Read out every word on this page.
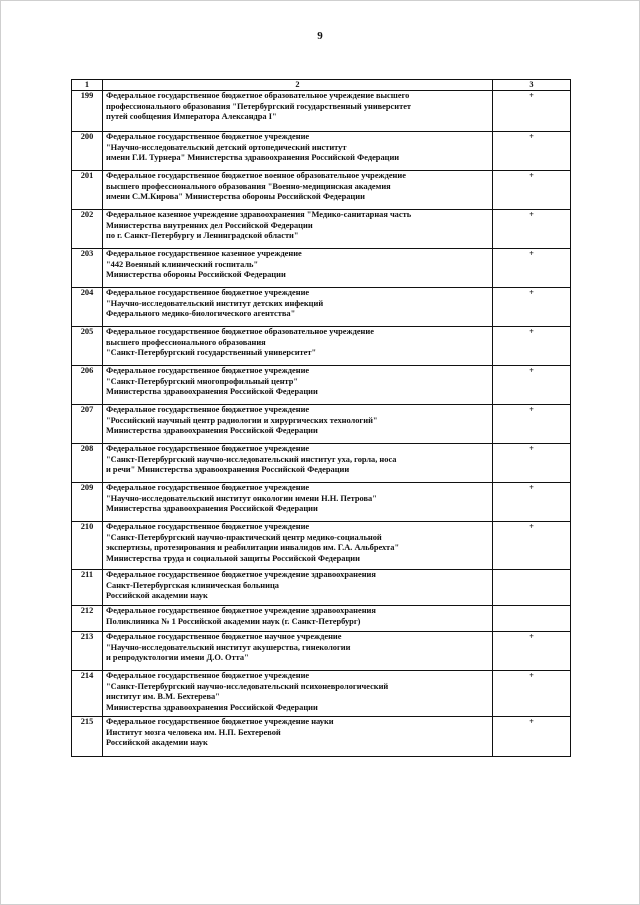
9
1	2	3
199	Федеральное государственное бюджетное образовательное учреждение высшего
профессионального образования "Петербургский государственный университет
путей сообщения Императора Александра I"	+
200	Федеральное государственное бюджетное учреждение
"Научно-исследовательский детский ортопедический институт
имени Г.И. Турнера" Министерства здравоохранения Российской Федерации	+
201	Федеральное государственное бюджетное военное образовательное учреждение
высшего профессионального образования "Военно-медицинская академия
имени С.М.Кирова" Министерства обороны Российской Федерации	+
202	Федеральное казенное учреждение здравоохранения "Медико-санитарная часть
Министерства внутренних дел Российской Федерации
по г. Санкт-Петербургу и Ленинградской области"	+
203	Федеральное государственное казенное учреждение
"442 Военный клинический госпиталь"
Министерства обороны Российской Федерации	+
204	Федеральное государственное бюджетное учреждение
"Научно-исследовательский институт детских инфекций
Федерального медико-биологического агентства"	+
205	Федеральное государственное бюджетное образовательное учреждение
высшего профессионального образования
"Санкт-Петербургский государственный университет"	+
206	Федеральное государственное бюджетное учреждение
"Санкт-Петербургский многопрофильный центр"
Министерства здравоохранения Российской Федерации	+
207	Федеральное государственное бюджетное учреждение
"Российский научный центр радиологии и хирургических технологий"
Министерства здравоохранения Российской Федерации	+
208	Федеральное государственное бюджетное учреждение
"Санкт-Петербургский научно-исследовательский институт уха, горла, носа
и речи" Министерства здравоохранения Российской Федерации	+
209	Федеральное государственное бюджетное учреждение
"Научно-исследовательский институт онкологии имени Н.Н. Петрова"
Министерства здравоохранения Российской Федерации	+
210	Федеральное государственное бюджетное учреждение
"Санкт-Петербургский научно-практический центр медико-социальной
экспертизы, протезирования и реабилитации инвалидов им. Г.А. Альбрехта"
Министерства труда и социальной защиты Российской Федерации	+
211	Федеральное государственное бюджетное учреждение здравоохранения
Санкт-Петербургская клиническая больница
Российской академии наук	

212	Федеральное государственное бюджетное учреждение здравоохранения
Поликлиника № 1 Российской академии наук (г. Санкт-Петербург)	

213	Федеральное государственное бюджетное научное учреждение
"Научно-исследовательский институт акушерства, гинекологии
и репродуктологии имени Д.О. Отта"	+
214	Федеральное государственное бюджетное учреждение
"Санкт-Петербургский научно-исследовательский психоневрологический
институт им. В.М. Бехтерева"
Министерства здравоохранения Российской Федерации	+
215	Федеральное государственное бюджетное учреждение науки
Институт мозга человека им. Н.П. Бехтеревой
Российской академии наук	+
